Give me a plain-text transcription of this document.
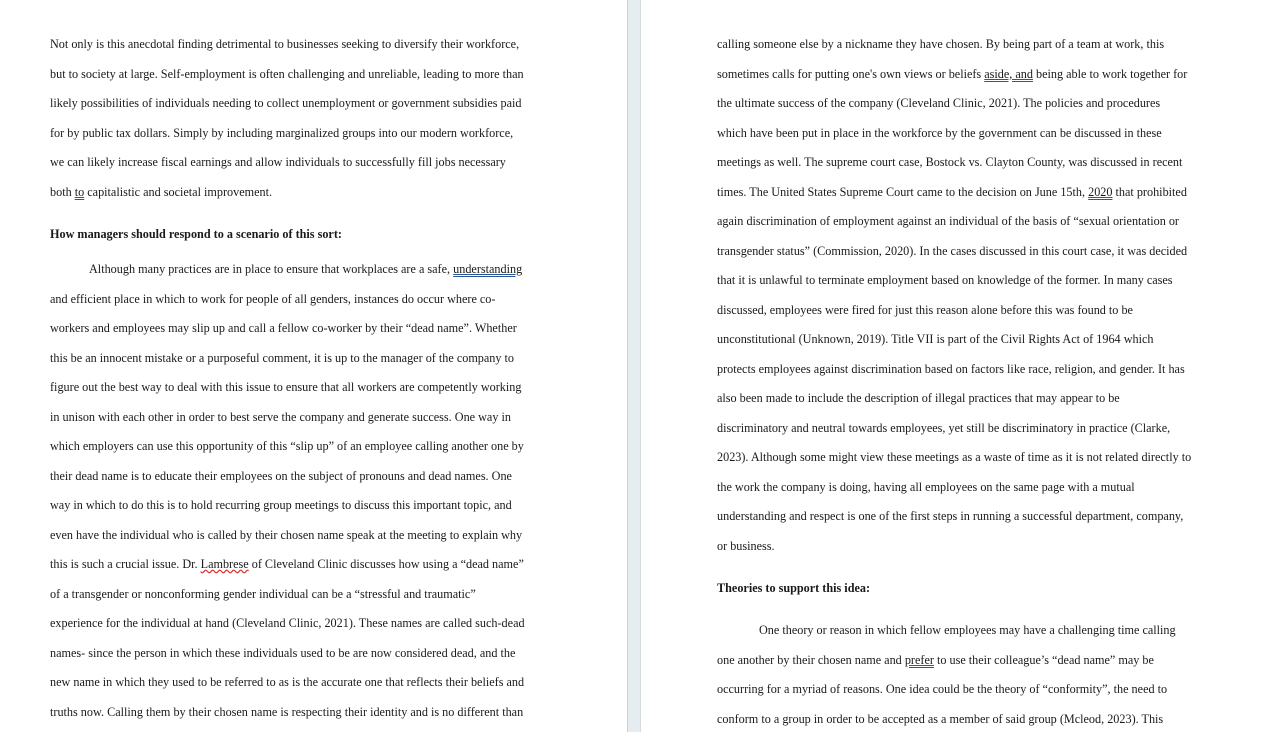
Not only is this anecdotal finding detrimental to businesses seeking to diversify their workforce,
but to society at large. Self-employment is often challenging and unreliable, leading to more than
likely possibilities of individuals needing to collect unemployment or government subsidies paid
for by public tax dollars. Simply by including marginalized groups into our modern workforce,
we can likely increase fiscal earnings and allow individuals to successfully fill jobs necessary
both to capitalistic and societal improvement.
How managers should respond to a scenario of this sort:
Although many practices are in place to ensure that workplaces are a safe, understanding
and efficient place in which to work for people of all genders, instances do occur where co-
workers and employees may slip up and call a fellow co-worker by their “dead name”. Whether
this be an innocent mistake or a purposeful comment, it is up to the manager of the company to
figure out the best way to deal with this issue to ensure that all workers are competently working
in unison with each other in order to best serve the company and generate success. One way in
which employers can use this opportunity of this “slip up” of an employee calling another one by
their dead name is to educate their employees on the subject of pronouns and dead names. One
way in which to do this is to hold recurring group meetings to discuss this important topic, and
even have the individual who is called by their chosen name speak at the meeting to explain why
this is such a crucial issue. Dr. Lambrese of Cleveland Clinic discusses how using a “dead name”
of a transgender or nonconforming gender individual can be a “stressful and traumatic”
experience for the individual at hand (Cleveland Clinic, 2021). These names are called such-dead
names- since the person in which these individuals used to be are now considered dead, and the
new name in which they used to be referred to as is the accurate one that reflects their beliefs and
truths now. Calling them by their chosen name is respecting their identity and is no different than
calling someone else by a nickname they have chosen. By being part of a team at work, this
sometimes calls for putting one's own views or beliefs aside, and being able to work together for
the ultimate success of the company (Cleveland Clinic, 2021). The policies and procedures
which have been put in place in the workforce by the government can be discussed in these
meetings as well. The supreme court case, Bostock vs. Clayton County, was discussed in recent
times. The United States Supreme Court came to the decision on June 15th, 2020 that prohibited
again discrimination of employment against an individual of the basis of “sexual orientation or
transgender status” (Commission, 2020). In the cases discussed in this court case, it was decided
that it is unlawful to terminate employment based on knowledge of the former. In many cases
discussed, employees were fired for just this reason alone before this was found to be
unconstitutional (Unknown, 2019). Title VII is part of the Civil Rights Act of 1964 which
protects employees against discrimination based on factors like race, religion, and gender. It has
also been made to include the description of illegal practices that may appear to be
discriminatory and neutral towards employees, yet still be discriminatory in practice (Clarke,
2023). Although some might view these meetings as a waste of time as it is not related directly to
the work the company is doing, having all employees on the same page with a mutual
understanding and respect is one of the first steps in running a successful department, company,
or business.
Theories to support this idea:
One theory or reason in which fellow employees may have a challenging time calling
one another by their chosen name and prefer to use their colleague’s “dead name” may be
occurring for a myriad of reasons. One idea could be the theory of “conformity”, the need to
conform to a group in order to be accepted as a member of said group (Mcleod, 2023). This
